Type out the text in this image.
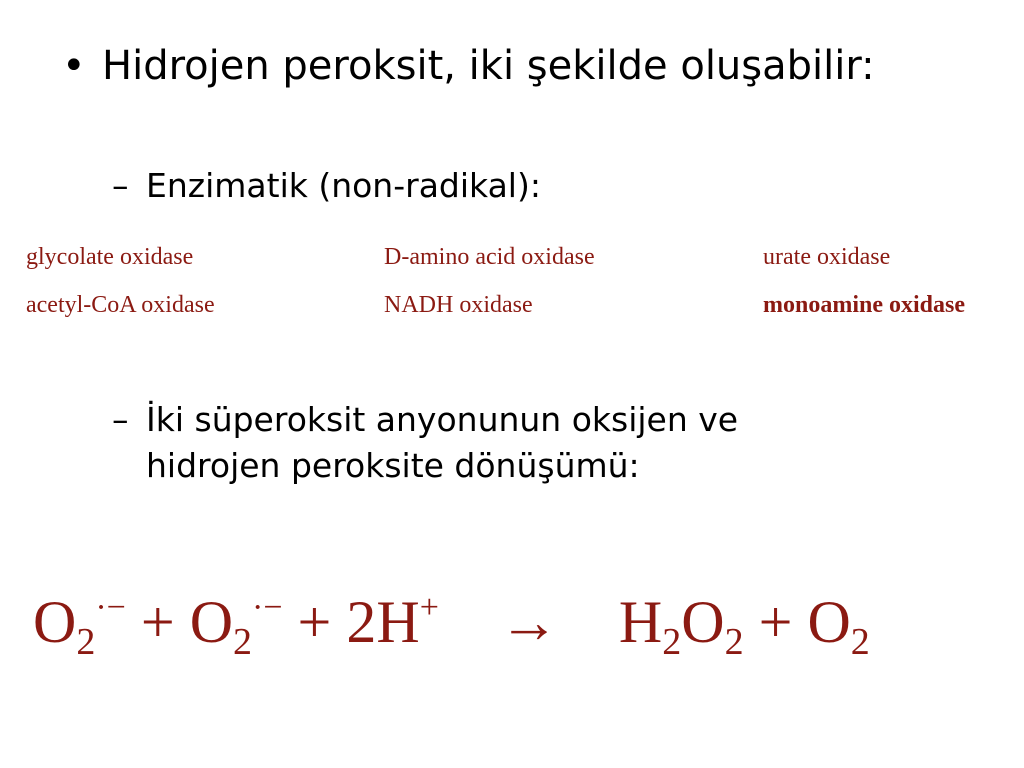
• Hidrojen peroksit, iki şekilde oluşabilir:
– Enzimatik (non-radikal):
glycolate oxidase	D-amino acid oxidase	urate oxidase
acetyl-CoA oxidase	NADH oxidase	monoamine oxidase
– İki süperoksit anyonunun oksijen ve
hidrojen peroksite dönüşümü:
$O_2^{\cdot-} + O_2^{\cdot-} + 2H^+ \to H_2O_2 + O_2$
